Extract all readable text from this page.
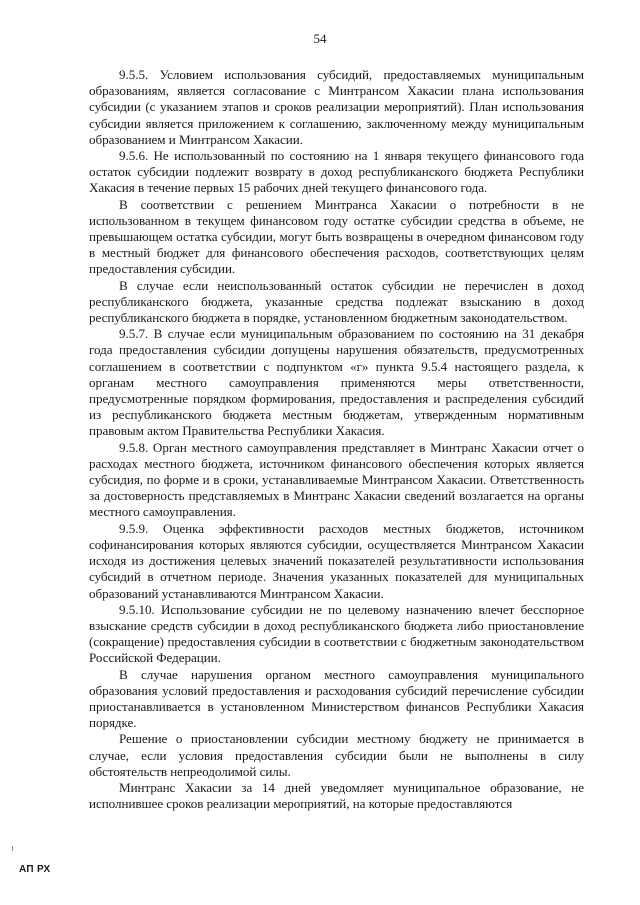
54

9.5.5. Условием использования субсидий, предоставляемых муниципальным образованиям, является согласование с Минтрансом Хакасии плана использования субсидии (с указанием этапов и сроков реализации мероприятий). План использования субсидии является приложением к соглашению, заключенному между муниципальным образованием и Минтрансом Хакасии.

9.5.6. Не использованный по состоянию на 1 января текущего финансового года остаток субсидии подлежит возврату в доход республиканского бюджета Республики Хакасия в течение первых 15 рабочих дней текущего финансового года.

В соответствии с решением Минтранса Хакасии о потребности в не использованном в текущем финансовом году остатке субсидии средства в объеме, не превышающем остатка субсидии, могут быть возвращены в очередном финансовом году в местный бюджет для финансового обеспечения расходов, соответствующих целям предоставления субсидии.

В случае если неиспользованный остаток субсидии не перечислен в доход республиканского бюджета, указанные средства подлежат взысканию в доход республиканского бюджета в порядке, установленном бюджетным законодательством.

9.5.7. В случае если муниципальным образованием по состоянию на 31 декабря года предоставления субсидии допущены нарушения обязательств, предусмотренных соглашением в соответствии с подпунктом «г» пункта 9.5.4 настоящего раздела, к органам местного самоуправления применяются меры ответственности, предусмотренные порядком формирования, предоставления и распределения субсидий из республиканского бюджета местным бюджетам, утвержденным нормативным правовым актом Правительства Республики Хакасия.

9.5.8. Орган местного самоуправления представляет в Минтранс Хакасии отчет о расходах местного бюджета, источником финансового обеспечения которых является субсидия, по форме и в сроки, устанавливаемые Минтрансом Хакасии. Ответственность за достоверность представляемых в Минтранс Хакасии сведений возлагается на органы местного самоуправления.

9.5.9. Оценка эффективности расходов местных бюджетов, источником софинансирования которых являются субсидии, осуществляется Минтрансом Хакасии исходя из достижения целевых значений показателей результативности использования субсидий в отчетном периоде. Значения указанных показателей для муниципальных образований устанавливаются Минтрансом Хакасии.

9.5.10. Использование субсидии не по целевому назначению влечет бесспорное взыскание средств субсидии в доход республиканского бюджета либо приостановление (сокращение) предоставления субсидии в соответствии с бюджетным законодательством Российской Федерации.

В случае нарушения органом местного самоуправления муниципального образования условий предоставления и расходования субсидий перечисление субсидии приостанавливается в установленном Министерством финансов Республики Хакасия порядке.

Решение о приостановлении субсидии местному бюджету не принимается в случае, если условия предоставления субсидии были не выполнены в силу обстоятельств непреодолимой силы.

Минтранс Хакасии за 14 дней уведомляет муниципальное образование, не исполнившее сроков реализации мероприятий, на которые предоставляются

АП РХ
